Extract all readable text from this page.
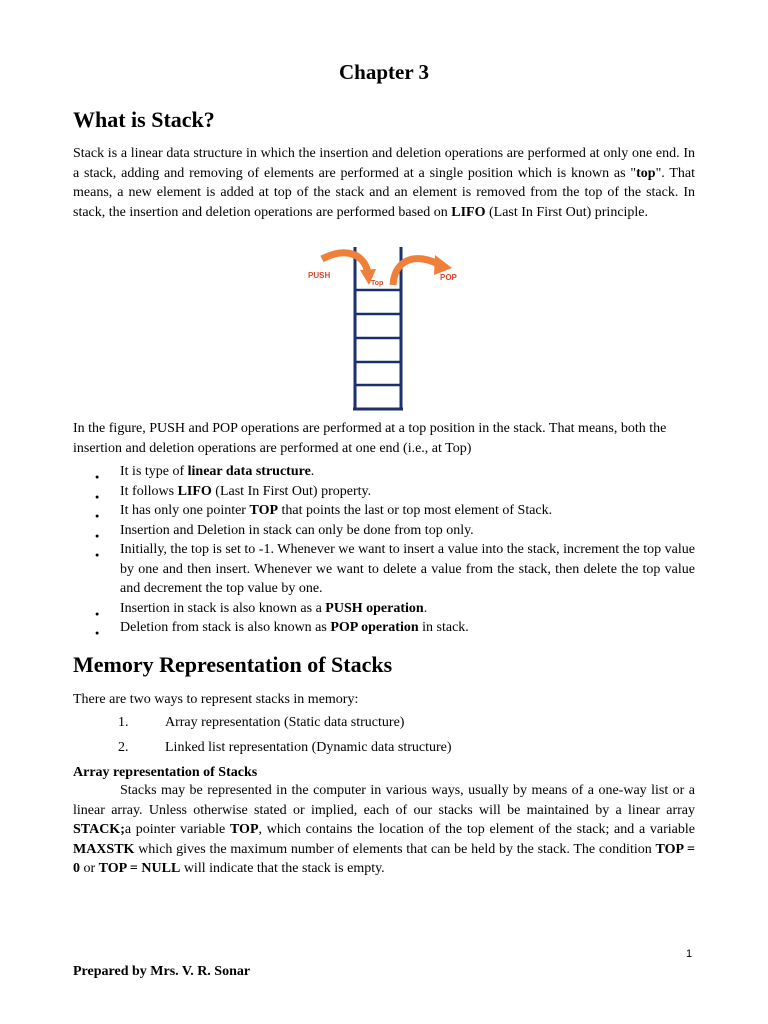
Chapter 3
What is Stack?

Stack is a linear data structure in which the insertion and deletion operations are performed at only one end. In a stack, adding and removing of elements are performed at a single position which is known as "top". That means, a new element is added at top of the stack and an element is removed from the top of the stack. In stack, the insertion and deletion operations are performed based on LIFO (Last In First Out) principle.

PUSH
Top
POP

In the figure, PUSH and POP operations are performed at a top position in the stack. That means, both the insertion and deletion operations are performed at one end (i.e., at Top)

● It is type of linear data structure.
● It follows LIFO (Last In First Out) property.
● It has only one pointer TOP that points the last or top most element of Stack.
● Insertion and Deletion in stack can only be done from top only.
● Initially, the top is set to -1. Whenever we want to insert a value into the stack, increment the top value by one and then insert. Whenever we want to delete a value from the stack, then delete the top value and decrement the top value by one.
● Insertion in stack is also known as a PUSH operation.
● Deletion from stack is also known as POP operation in stack.
Memory Representation of Stacks

There are two ways to represent stacks in memory:

1.	Array representation (Static data structure)
2.	Linked list representation (Dynamic data structure)

Array representation of Stacks

Stacks may be represented in the computer in various ways, usually by means of a one-way list or a linear array. Unless otherwise stated or implied, each of our stacks will be maintained by a linear array STACK;a pointer variable TOP, which contains the location of the top element of the stack; and a variable MAXSTK which gives the maximum number of elements that can be held by the stack. The condition TOP = 0 or TOP = NULL will indicate that the stack is empty.

1
Prepared by Mrs. V. R. Sonar
